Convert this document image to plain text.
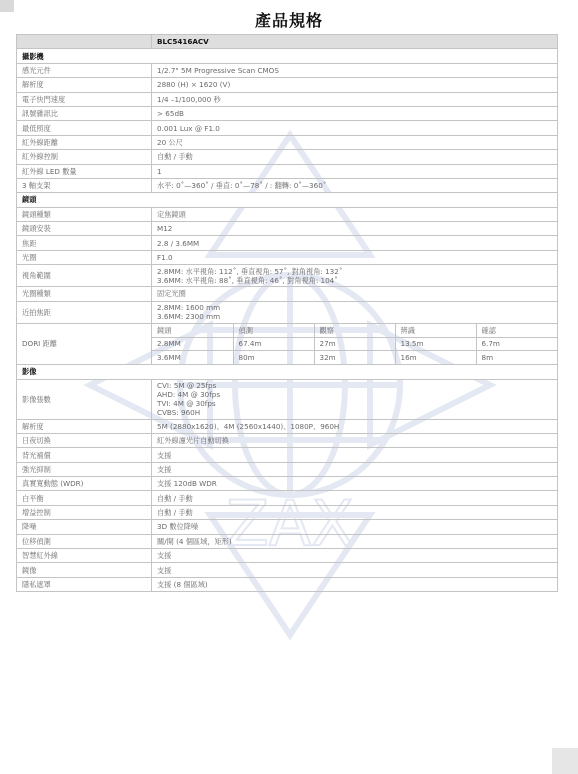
產品規格
ZAX
	BLC5416ACV
攝影機
感光元件	1/2.7" 5M Progressive Scan CMOS
解析度	2880 (H) × 1620 (V)
電子快門速度	1/4 –1/100,000 秒
訊號雜訊比	> 65dB
最低照度	0.001 Lux @ F1.0
紅外線距離	20 公尺
紅外線控制	自動 / 手動
紅外線 LED 數量	1
3 軸支架	水平: 0˚—360˚ / 垂直: 0˚—78˚ / : 翻轉: 0˚—360˚
鏡頭
鏡頭種類	定焦鏡頭
鏡頭安裝	M12
焦距	2.8 / 3.6MM
光圈	F1.0
視角範圍	2.8MM: 水平視角: 112˚, 垂直視角: 57˚, 對角視角: 132˚
3.6MM: 水平視角: 88˚, 垂直視角: 46˚, 對角視角: 104˚

光圈種類	固定光圈
近拍焦距	2.8MM: 1600 mm
3.6MM: 2300 mm

DORI 距離	
鏡頭	偵測	觀察	辨識	確認
2.8MM	67.4m	27m	13.5m	6.7m
3.6MM	80m	32m	16m	8m

影像
影像張數	
CVI: 5M @ 25fps
AHD: 4M @ 30fps
TVI: 4M @ 30fps
CVBS: 960H

解析度	5M (2880x1620)、4M (2560x1440)、1080P、960H
日夜切換	紅外線濾光片自動切換
背光補償	支援
強光抑制	支援
真實寬動態 (WDR)	支援 120dB WDR
白平衡	自動 / 手動
增益控制	自動 / 手動
降噪	3D 數位降噪
位移偵測	關/開 (4 個區域，矩形)
智慧紅外線	支援
鏡像	支援
隱私遮罩	支援 (8 個區域)
